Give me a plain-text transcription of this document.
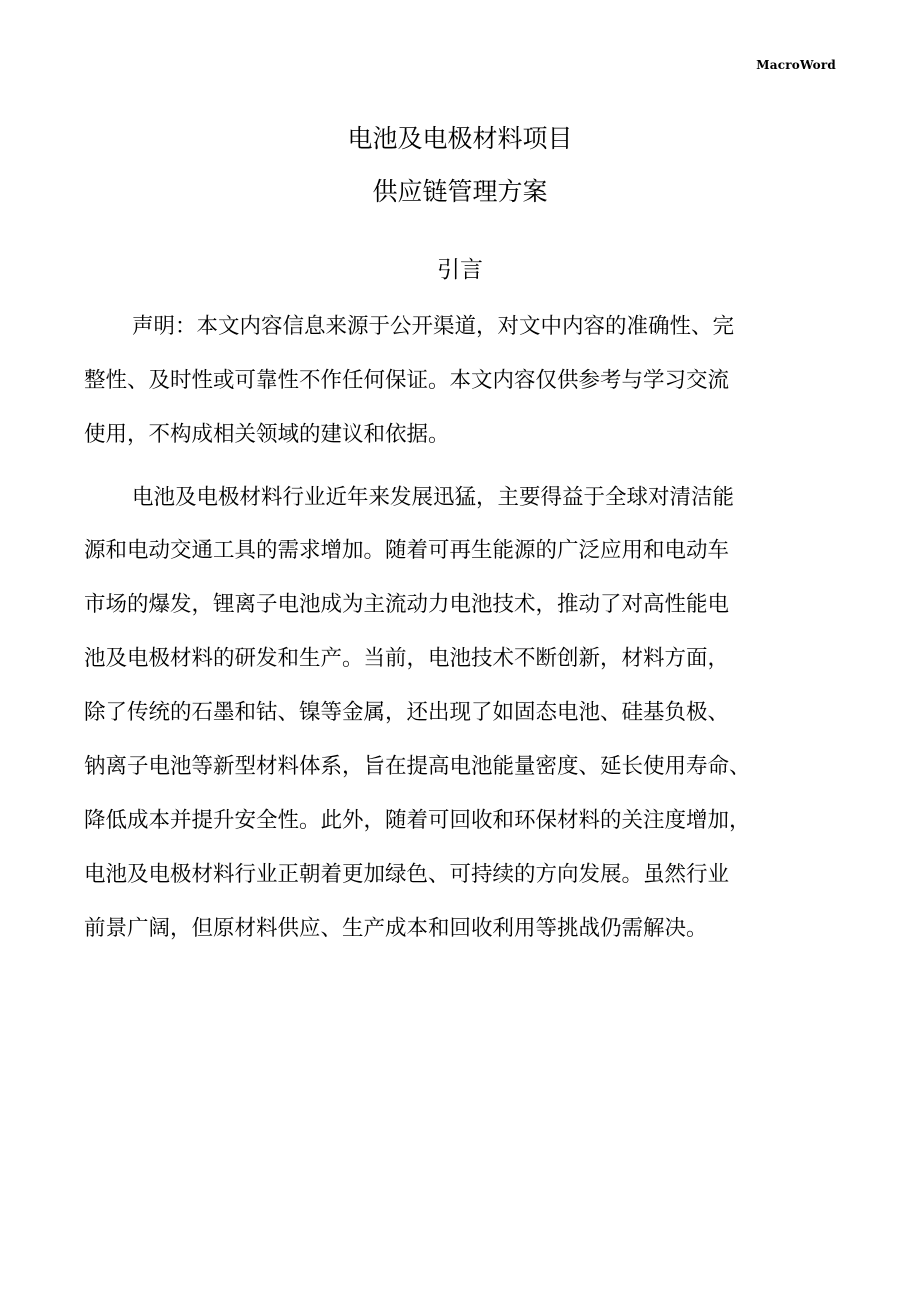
MacroWord
电池及电极材料项目
供应链管理方案
引言
声明：本文内容信息来源于公开渠道，对文中内容的准确性、完
整性、及时性或可靠性不作任何保证。本文内容仅供参考与学习交流
使用，不构成相关领域的建议和依据。
电池及电极材料行业近年来发展迅猛，主要得益于全球对清洁能
源和电动交通工具的需求增加。随着可再生能源的广泛应用和电动车
市场的爆发，锂离子电池成为主流动力电池技术，推动了对高性能电
池及电极材料的研发和生产。当前，电池技术不断创新，材料方面，
除了传统的石墨和钴、镍等金属，还出现了如固态电池、硅基负极、
钠离子电池等新型材料体系，旨在提高电池能量密度、延长使用寿命、
降低成本并提升安全性。此外，随着可回收和环保材料的关注度增加，
电池及电极材料行业正朝着更加绿色、可持续的方向发展。虽然行业
前景广阔，但原材料供应、生产成本和回收利用等挑战仍需解决。
